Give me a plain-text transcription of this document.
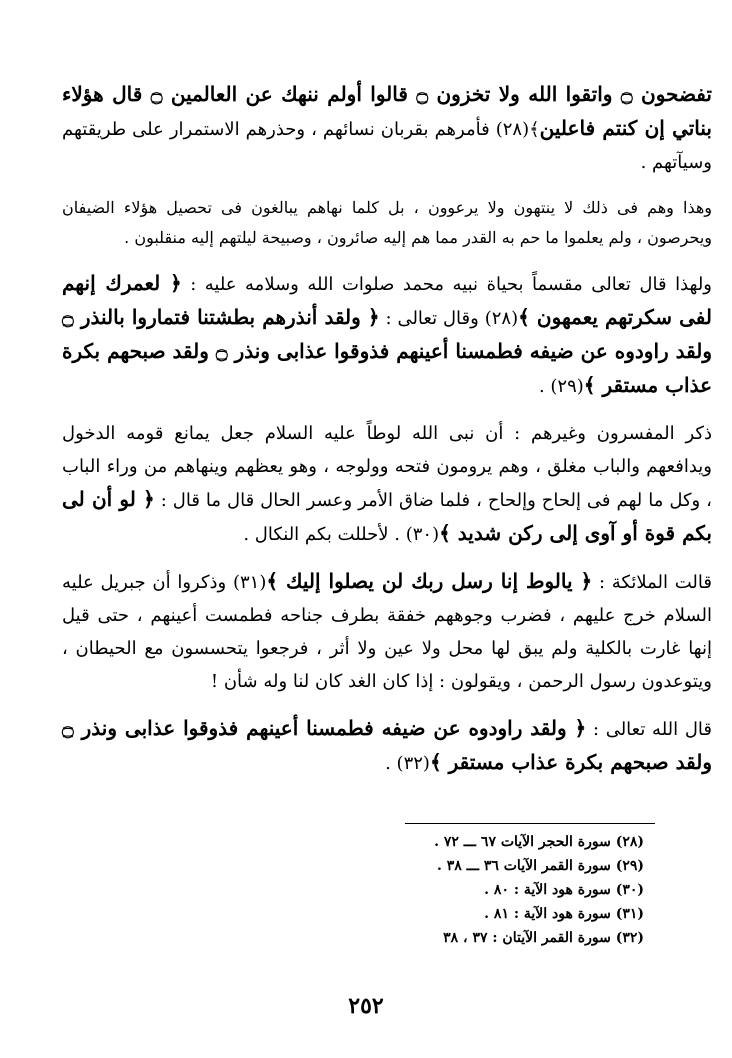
تفضحون ۝ واتقوا الله ولا تخزون ۝ قالوا أولم ننهك عن العالمين ۝ قال هؤلاء بناتي إن كنتم فاعلين﴾(٢٨) فأمرهم بقربان نسائهم ، وحذرهم الاستمرار على طريقتهم وسيآتهم .

وهذا وهم فى ذلك لا ينتهون ولا يرعوون ، بل كلما نهاهم يبالغون فى تحصيل هؤلاء الضيفان ويحرصون ، ولم يعلموا ما حم به القدر مما هم إليه صائرون ، وصبيحة ليلتهم إليه منقلبون .

ولهذا قال تعالى مقسماً بحياة نبيه محمد صلوات الله وسلامه عليه : ﴿ لعمرك إنهم لفى سكرتهم يعمهون ﴾(٢٨) وقال تعالى : ﴿ ولقد أنذرهم بطشتنا فتماروا بالنذر ۝ ولقد راودوه عن ضيفه فطمسنا أعينهم فذوقوا عذابى ونذر ۝ ولقد صبحهم بكرة عذاب مستقر ﴾(٢٩) .

ذكر المفسرون وغيرهم : أن نبى الله لوطاً عليه السلام جعل يمانع قومه الدخول ويدافعهم والباب مغلق ، وهم يرومون فتحه وولوجه ، وهو يعظهم وينهاهم من وراء الباب ، وكل ما لهم فى إلحاح وإلحاح ، فلما ضاق الأمر وعسر الحال قال ما قال : ﴿ لو أن لى بكم قوة أو آوى إلى ركن شديد ﴾(٣٠) . لأحللت بكم النكال .

قالت الملائكة : ﴿ يالوط إنا رسل ربك لن يصلوا إليك ﴾(٣١) وذكروا أن جبريل عليه السلام خرج عليهم ، فضرب وجوههم خفقة بطرف جناحه فطمست أعينهم ، حتى قيل إنها غارت بالكلية ولم يبق لها محل ولا عين ولا أثر ، فرجعوا يتحسسون مع الحيطان ، ويتوعدون رسول الرحمن ، ويقولون : إذا كان الغد كان لنا وله شأن !

قال الله تعالى : ﴿ ولقد راودوه عن ضيفه فطمسنا أعينهم فذوقوا عذابى ونذر ۝ ولقد صبحهم بكرة عذاب مستقر ﴾(٣٢) .

(٢٨) سورة الحجر الآيات ٦٧ ـــ ٧٢ .
(٢٩) سورة القمر الآيات ٣٦ ـــ ٣٨ .
(٣٠) سورة هود الآية : ٨٠ .
(٣١) سورة هود الآية : ٨١ .
(٣٢) سورة القمر الآيتان : ٣٧ ، ٣٨
٢٥٢
